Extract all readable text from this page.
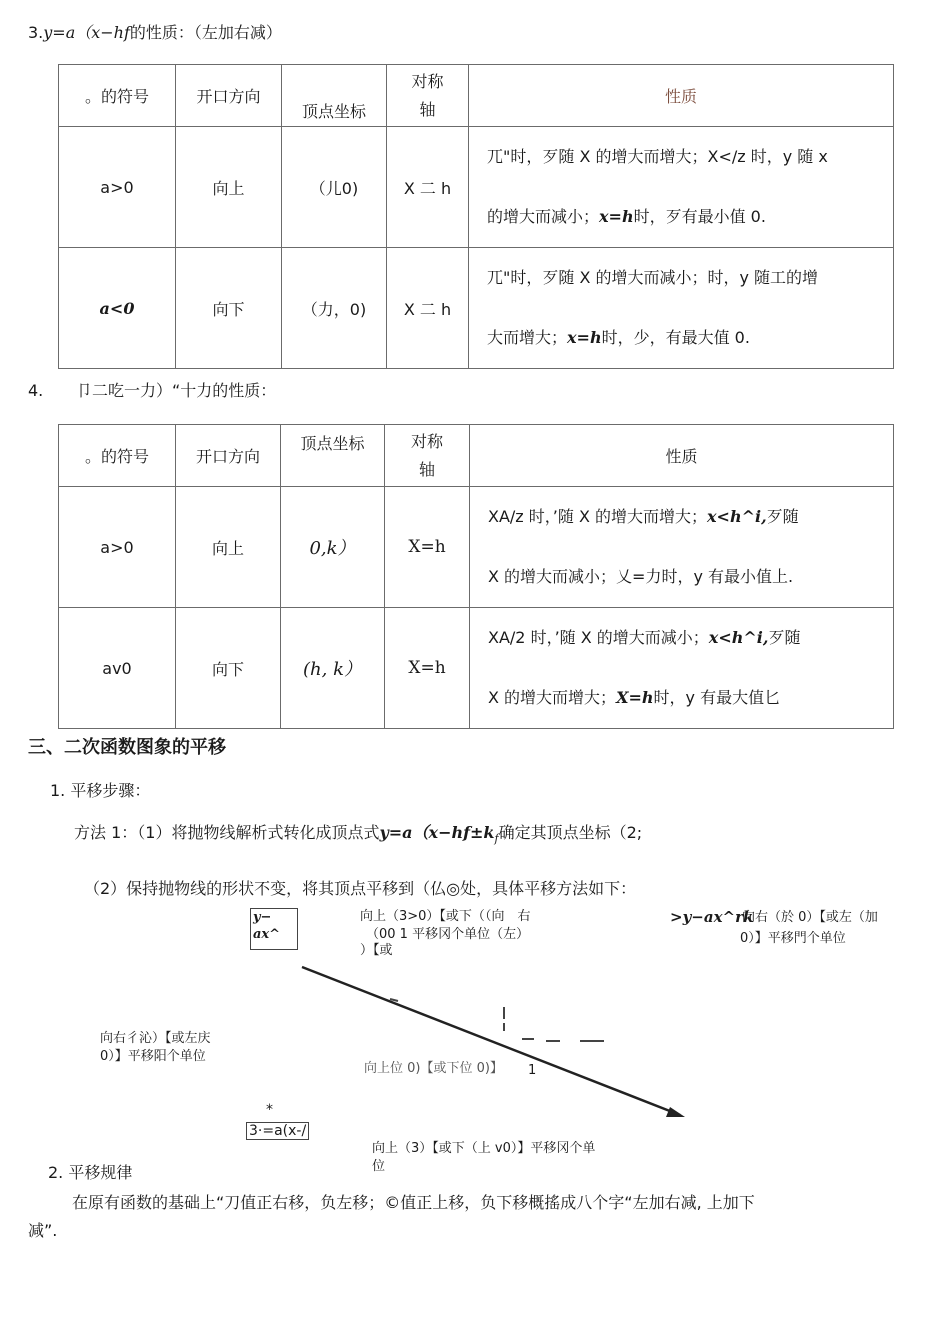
3.y=a（x−hf的性质：（左加右减）
。的符号	开口方向	顶点坐标	对称轴	性质
a>0	向上	（儿0)	X 二 h	兀"时，歹随 X 的增大而增大；X</z 时，y 随 x
的增大而减小；x=h时，歹有最小值 0.
a<0	向下	（力，0)	X 二 h	兀"时，歹随 X 的增大而减小；时，y 随工的增
大而增大；x=h时，少，有最大值 0.
4. 卩二吃一力）“十力的性质：
。的符号	开口方向	顶点坐标	对称轴	性质
a>0	向上	0,k）	X=h	XA/z 时，’随 X 的增大而增大；x<h^i,歹随
X 的增大而减小；乂=力时，y 有最小值上.
av0	向下	(h, k）	X=h	XA/2 时，’随 X 的增大而减小；x<h^i,歹随
X 的增大而增大；X=h时，y 有最大值匕
三、二次函数图象的平移
1. 平移步骤：
方法 1：（1）将抛物线解析式转化成顶点式$y=a(x-hf\pm k_f$确定其顶点坐标（2;
（2）保持抛物线的形状不变，将其顶点平移到（仏◎处，具体平移方法如下：
y−
ax^
向上（3>0）【或下（（向　右
（00 1 平移冈个单位（左）
）【或
>y−ax^rk
向右（於 0）【或左（加
0）】平移門个单位
向右彳沁）【或左庆
0）】平移阳个单位
向上位 0)【或下位 0)】 1
*
3·=a(x-/
向上（3）【或下（上 v0）】平移冈个单
位
2. 平移规律
在原有函数的基础上“刀值正右移，负左移；©值正上移，负下移概搖成八个字“左加右减, 上加下
减”.
